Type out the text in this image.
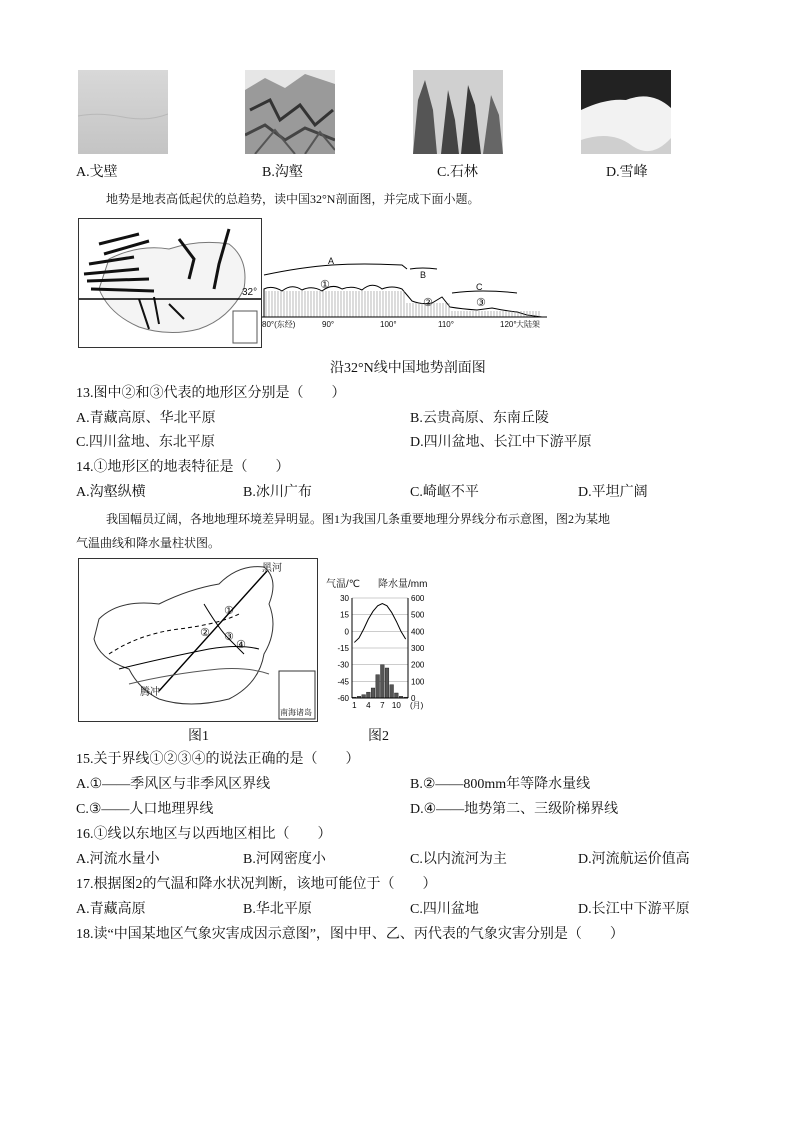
A.戈壁	B.沟壑	C.石林	D.雪峰
地势是地表高低起伏的总趋势，读中国32°N剖面图，并完成下面小题。
32°
A
B
C
①
②	③
80°(东经)	90°	100°	110°	120° 大陆架
沿32°N线中国地势剖面图
13.图中②和③代表的地形区分别是（　　）
A.青藏高原、华北平原	B.云贵高原、东南丘陵
C.四川盆地、东北平原	D.四川盆地、长江中下游平原
14.①地形区的地表特征是（　　）
A.沟壑纵横	B.冰川广布	C.崎岖不平	D.平坦广阔
我国幅员辽阔，各地地理环境差异明显。图1为我国几条重要地理分界线分布示意图，图2为某地
气温曲线和降水量柱状图。
黑河
腾冲
南海诸岛
①
② ③
④
图1
气温/℃ 降水量/mm
30
15
0
-15
-30
-45
-60
600
500
400
300
200
100
0
1 4 7 10 (月)
图2
15.关于界线①②③④的说法正确的是（　　）
A.①——季风区与非季风区界线	B.②——800mm年等降水量线
C.③——人口地理界线	D.④——地势第二、三级阶梯界线
16.①线以东地区与以西地区相比（　　）
A.河流水量小	B.河网密度小	C.以内流河为主	D.河流航运价值高
17.根据图2的气温和降水状况判断，该地可能位于（　　）
A.青藏高原	B.华北平原	C.四川盆地	D.长江中下游平原
18.读“中国某地区气象灾害成因示意图”，图中甲、乙、丙代表的气象灾害分别是（　　）
